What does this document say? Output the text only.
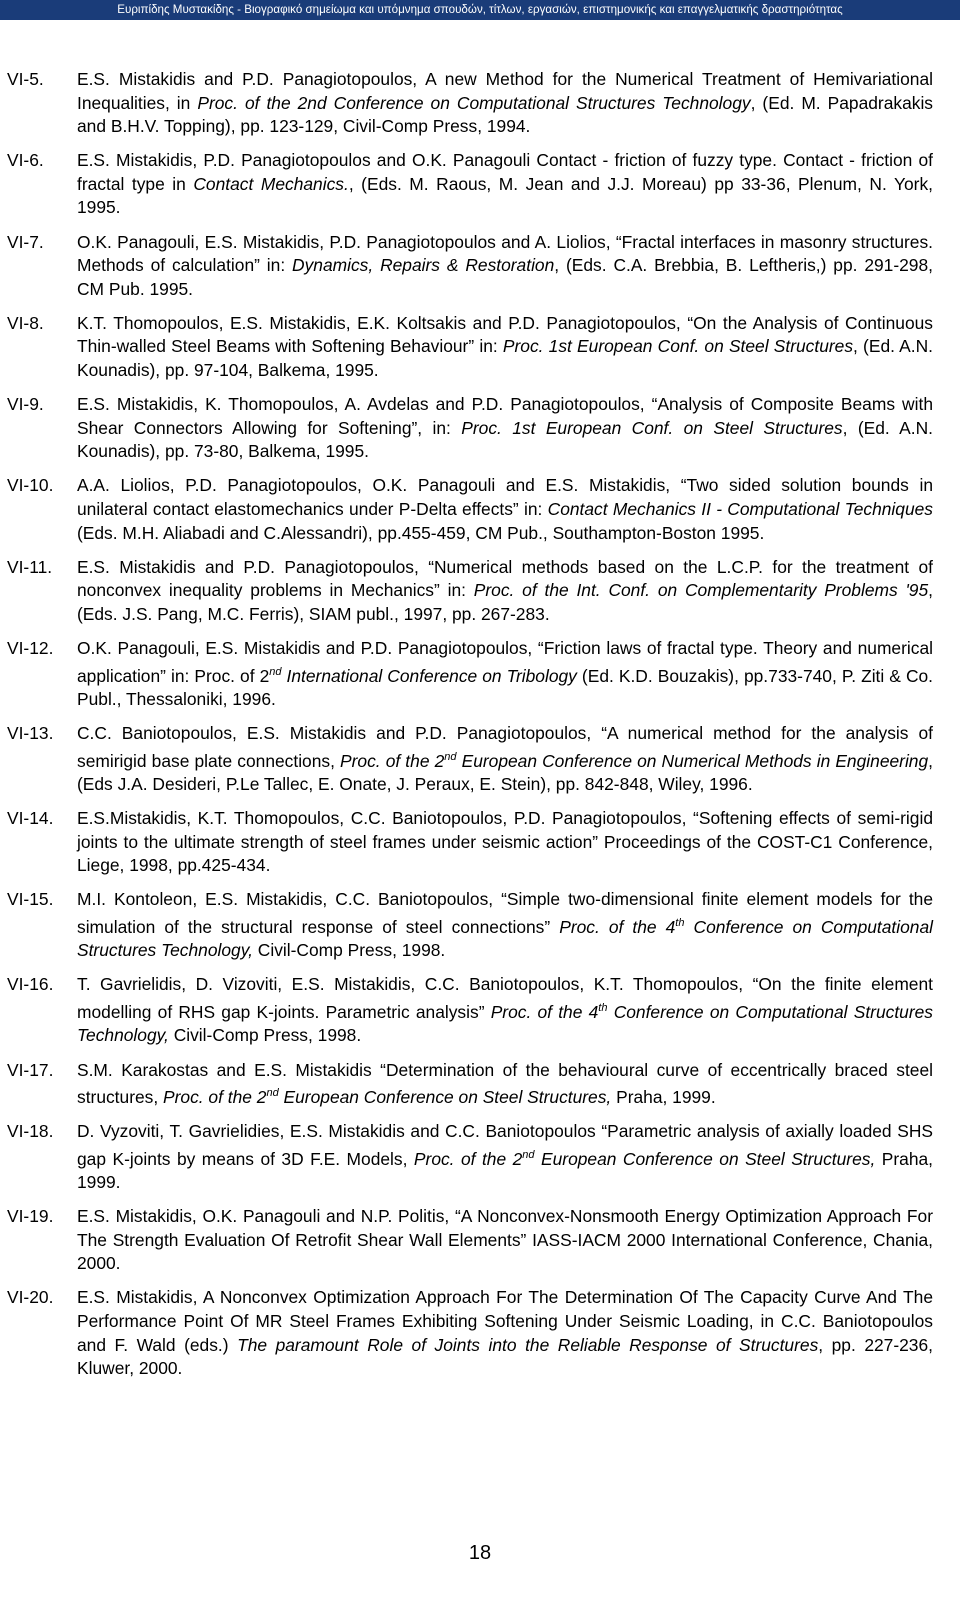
Ευριπίδης Μυστακίδης - Βιογραφικό σημείωμα και υπόμνημα σπουδών, τίτλων, εργασιών, επιστημονικής και επαγγελματικής δραστηριότητας
VI-5.	E.S. Mistakidis and P.D. Panagiotopoulos, A new Method for the Numerical Treatment of Hemivariational Inequalities, in Proc. of the 2nd Conference on Computational Structures Technology, (Ed. M. Papadrakakis and B.H.V. Topping), pp. 123-129, Civil-Comp Press, 1994.
VI-6.	E.S. Mistakidis, P.D. Panagiotopoulos and O.K. Panagouli Contact - friction of fuzzy type. Contact - friction of fractal type in Contact Mechanics., (Eds. M. Raous, M. Jean and J.J. Moreau) pp 33-36, Plenum, N. York, 1995.
VI-7.	O.K. Panagouli, E.S. Mistakidis, P.D. Panagiotopoulos and A. Liolios, “Fractal interfaces in masonry structures. Methods of calculation” in: Dynamics, Repairs & Restoration, (Eds. C.A. Brebbia, B. Leftheris,) pp. 291-298, CM Pub. 1995.
VI-8.	K.T. Thomopoulos, E.S. Mistakidis, E.K. Koltsakis and P.D. Panagiotopoulos, “On the Analysis of Continuous Thin-walled Steel Beams with Softening Behaviour” in: Proc. 1st European Conf. on Steel Structures, (Ed. A.N. Kounadis), pp. 97-104, Balkema, 1995.
VI-9.	E.S. Mistakidis, K. Thomopoulos, A. Avdelas and P.D. Panagiotopoulos, “Analysis of Composite Beams with Shear Connectors Allowing for Softening”, in: Proc. 1st European Conf. on Steel Structures, (Ed. A.N. Kounadis), pp. 73-80, Balkema, 1995.
VI-10.	A.A. Liolios, P.D. Panagiotopoulos, O.K. Panagouli and E.S. Mistakidis, “Two sided solution bounds in unilateral contact elastomechanics under P-Delta effects” in: Contact Mechanics II - Computational Techniques (Eds. M.H. Aliabadi and C.Alessandri), pp.455-459, CM Pub., Southampton-Boston 1995.
VI-11.	E.S. Mistakidis and P.D. Panagiotopoulos, “Numerical methods based on the L.C.P. for the treatment of nonconvex inequality problems in Mechanics” in: Proc. of the Int. Conf. on Complementarity Problems '95, (Eds. J.S. Pang, M.C. Ferris), SIAM publ., 1997, pp. 267-283.
VI-12.	O.K. Panagouli, E.S. Mistakidis and P.D. Panagiotopoulos, “Friction laws of fractal type. Theory and numerical application” in: Proc. of 2nd International Conference on Tribology (Ed. K.D. Bouzakis), pp.733-740, P. Ziti & Co. Publ., Thessaloniki, 1996.
VI-13.	C.C. Baniotopoulos, E.S. Mistakidis and P.D. Panagiotopoulos, “A numerical method for the analysis of semirigid base plate connections, Proc. of the 2nd European Conference on Numerical Methods in Engineering, (Eds J.A. Desideri, P.Le Tallec, E. Onate, J. Peraux, E. Stein), pp. 842-848, Wiley, 1996.
VI-14.	E.S.Mistakidis, K.T. Thomopoulos, C.C. Baniotopoulos, P.D. Panagiotopoulos, “Softening effects of semi-rigid joints to the ultimate strength of steel frames under seismic action” Proceedings of the COST-C1 Conference, Liege, 1998, pp.425-434.
VI-15.	M.I. Kontoleon, E.S. Mistakidis, C.C. Baniotopoulos, “Simple two-dimensional finite element models for the simulation of the structural response of steel connections” Proc. of the 4th Conference on Computational Structures Technology, Civil-Comp Press, 1998.
VI-16.	T. Gavrielidis, D. Vizoviti, E.S. Mistakidis, C.C. Baniotopoulos, K.T. Thomopoulos, “On the finite element modelling of RHS gap K-joints. Parametric analysis” Proc. of the 4th Conference on Computational Structures Technology, Civil-Comp Press, 1998.
VI-17.	S.M. Karakostas and E.S. Mistakidis “Determination of the behavioural curve of eccentrically braced steel structures, Proc. of the 2nd European Conference on Steel Structures, Praha, 1999.
VI-18.	D. Vyzoviti, T. Gavrielidies, E.S. Mistakidis and C.C. Baniotopoulos “Parametric analysis of axially loaded SHS gap K-joints by means of 3D F.E. Models, Proc. of the 2nd European Conference on Steel Structures, Praha, 1999.
VI-19.	E.S. Mistakidis, O.K. Panagouli and N.P. Politis, “A Nonconvex-Nonsmooth Energy Optimization Approach For The Strength Evaluation Of Retrofit Shear Wall Elements” IASS-IACM 2000 International Conference, Chania, 2000.
VI-20.	E.S. Mistakidis, A Nonconvex Optimization Approach For The Determination Of The Capacity Curve And The Performance Point Of MR Steel Frames Exhibiting Softening Under Seismic Loading, in C.C. Baniotopoulos and F. Wald (eds.) The paramount Role of Joints into the Reliable Response of Structures, pp. 227-236, Kluwer, 2000.
18
